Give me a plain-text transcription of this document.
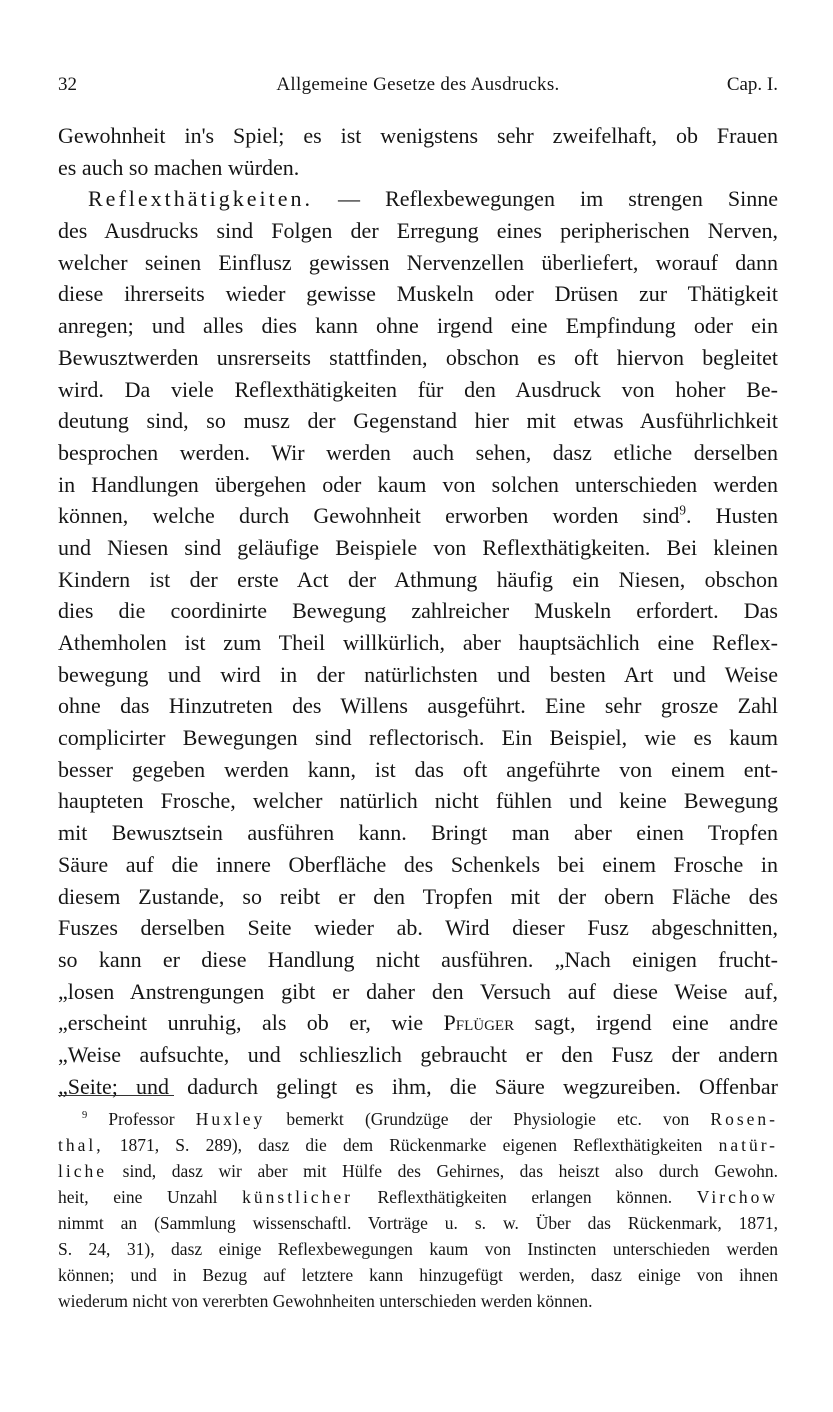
32	Allgemeine Gesetze des Ausdrucks.	Cap. I.
Gewohnheit in's Spiel; es ist wenigstens sehr zweifelhaft, ob Frauen
es auch so machen würden.
Reflexthätigkeiten. — Reflexbewegungen im strengen Sinne
des Ausdrucks sind Folgen der Erregung eines peripherischen Nerven,
welcher seinen Einflusz gewissen Nervenzellen überliefert, worauf dann
diese ihrerseits wieder gewisse Muskeln oder Drüsen zur Thätigkeit
anregen; und alles dies kann ohne irgend eine Empfindung oder ein
Bewusztwerden unsrerseits stattfinden, obschon es oft hiervon begleitet
wird. Da viele Reflexthätigkeiten für den Ausdruck von hoher Be-
deutung sind, so musz der Gegenstand hier mit etwas Ausführlichkeit
besprochen werden. Wir werden auch sehen, dasz etliche derselben
in Handlungen übergehen oder kaum von solchen unterschieden werden
können, welche durch Gewohnheit erworben worden sind$^9$. Husten
und Niesen sind geläufige Beispiele von Reflexthätigkeiten. Bei kleinen
Kindern ist der erste Act der Athmung häufig ein Niesen, obschon
dies die coordinirte Bewegung zahlreicher Muskeln erfordert. Das
Athemholen ist zum Theil willkürlich, aber hauptsächlich eine Reflex-
bewegung und wird in der natürlichsten und besten Art und Weise
ohne das Hinzutreten des Willens ausgeführt. Eine sehr grosze Zahl
complicirter Bewegungen sind reflectorisch. Ein Beispiel, wie es kaum
besser gegeben werden kann, ist das oft angeführte von einem ent-
haupteten Frosche, welcher natürlich nicht fühlen und keine Bewegung
mit Bewusztsein ausführen kann. Bringt man aber einen Tropfen
Säure auf die innere Oberfläche des Schenkels bei einem Frosche in
diesem Zustande, so reibt er den Tropfen mit der obern Fläche des
Fuszes derselben Seite wieder ab. Wird dieser Fusz abgeschnitten,
so kann er diese Handlung nicht ausführen. „Nach einigen frucht-
„losen Anstrengungen gibt er daher den Versuch auf diese Weise auf,
„erscheint unruhig, als ob er, wie Pflüger sagt, irgend eine andre
„Weise aufsuchte, und schlieszlich gebraucht er den Fusz der andern
„Seite; und dadurch gelingt es ihm, die Säure wegzureiben. Offenbar
$^9$ Professor Huxley bemerkt (Grundzüge der Physiologie etc. von Rosen-
thal, 1871, S. 289), dasz die dem Rückenmarke eigenen Reflexthätigkeiten natür-
liche sind, dasz wir aber mit Hülfe des Gehirnes, das heiszt also durch Gewohn.
heit, eine Unzahl künstlicher Reflexthätigkeiten erlangen können. Virchow
nimmt an (Sammlung wissenschaftl. Vorträge u. s. w. Über das Rückenmark, 1871,
S. 24, 31), dasz einige Reflexbewegungen kaum von Instincten unterschieden werden
können; und in Bezug auf letztere kann hinzugefügt werden, dasz einige von ihnen
wiederum nicht von vererbten Gewohnheiten unterschieden werden können.
